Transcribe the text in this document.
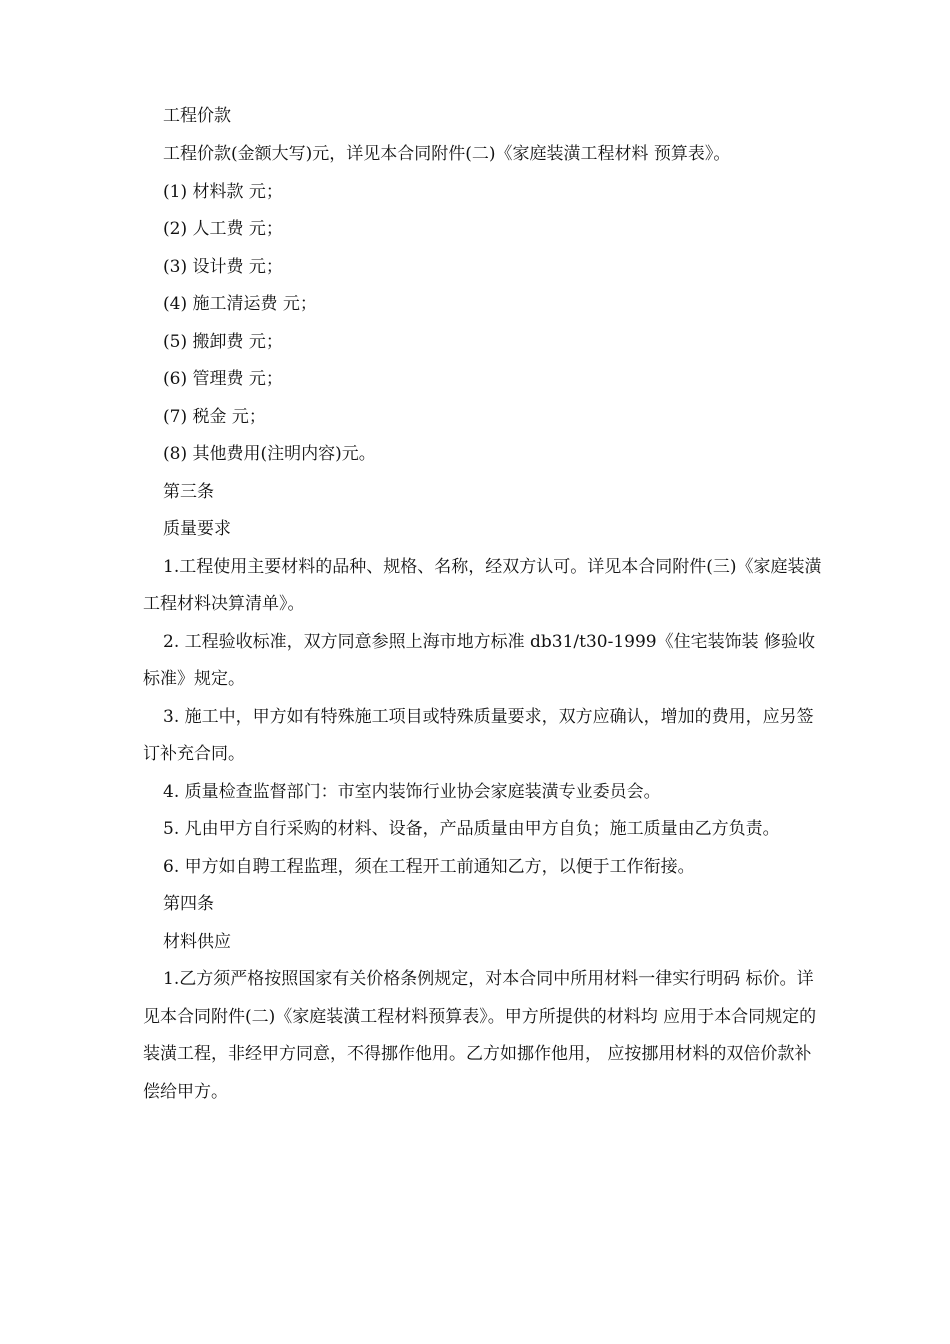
工程价款

工程价款(金额大写)元，详见本合同附件(二)《家庭装潢工程材料 预算表》。

(1) 材料款 元；

(2) 人工费 元；

(3) 设计费 元；

(4) 施工清运费 元；

(5) 搬卸费 元；

(6) 管理费 元；

(7) 税金 元；

(8) 其他费用(注明内容)元。

第三条

质量要求

1.工程使用主要材料的品种、规格、名称，经双方认可。详见本合同附件(三)《家庭装潢工程材料决算清单》。

2. 工程验收标准，双方同意参照上海市地方标准 db31/t30-1999《住宅装饰装 修验收标准》规定。

3. 施工中，甲方如有特殊施工项目或特殊质量要求，双方应确认，增加的费用，应另签订补充合同。

4. 质量检查监督部门：市室内装饰行业协会家庭装潢专业委员会。

5. 凡由甲方自行采购的材料、设备，产品质量由甲方自负；施工质量由乙方负责。

6. 甲方如自聘工程监理，须在工程开工前通知乙方，以便于工作衔接。

第四条

材料供应

1.乙方须严格按照国家有关价格条例规定，对本合同中所用材料一律实行明码 标价。详见本合同附件(二)《家庭装潢工程材料预算表》。甲方所提供的材料均 应用于本合同规定的装潢工程，非经甲方同意，不得挪作他用。乙方如挪作他用， 应按挪用材料的双倍价款补偿给甲方。
